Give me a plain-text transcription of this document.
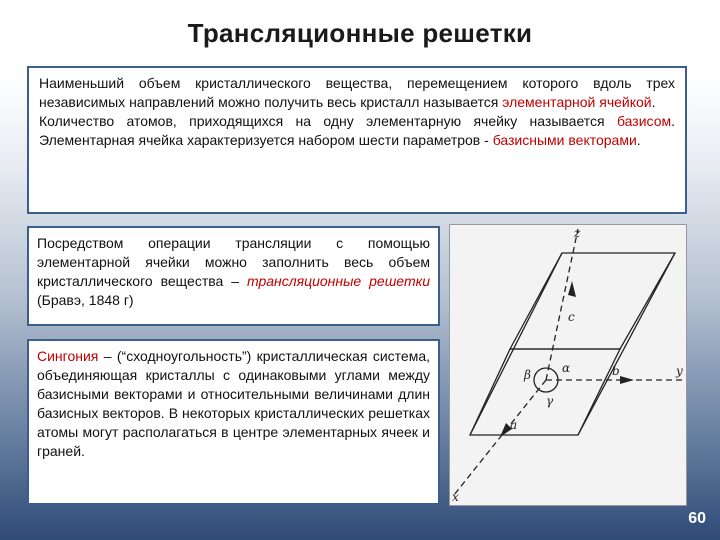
Трансляционные решетки

Наименьший объем кристаллического вещества, перемещением которого вдоль трех независимых направлений можно получить весь кристалл называется элементарной ячейкой.

Количество атомов, приходящихся на одну элементарную ячейку называется базисом. Элементарная ячейка характеризуется набором шести параметров - базисными векторами.

Посредством операции трансляции с помощью элементарной ячейки можно заполнить весь объем кристаллического вещества – трансляционные решетки (Бравэ, 1848 г)

Сингония – (“сходноугольность”) кристаллическая система, объединяющая кристаллы с одинаковыми углами между базисными векторами и относительными величинами длин базисных векторов. В некоторых кристаллических решетках атомы могут располагаться в центре элементарных ячеек и граней.

z
y
x
c
b
a
α
β
γ
60
